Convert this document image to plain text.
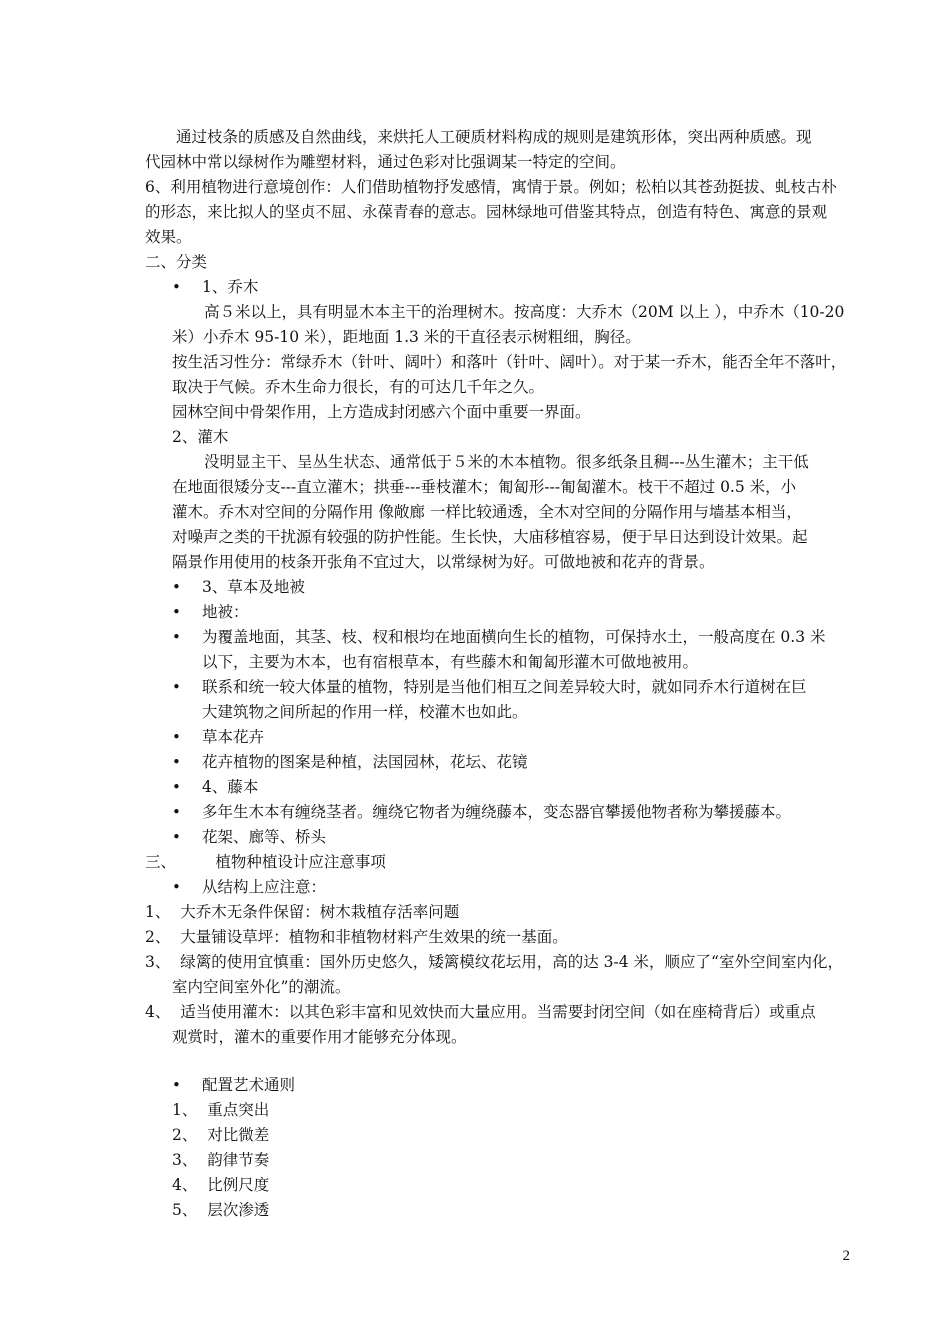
通过枝条的质感及自然曲线，来烘托人工硬质材料构成的规则是建筑形体，突出两种质感。现
代园林中常以绿树作为雕塑材料，通过色彩对比强调某一特定的空间。
6、利用植物进行意境创作：人们借助植物抒发感情，寓情于景。例如；松柏以其苍劲挺拔、虬枝古朴
的形态，来比拟人的坚贞不屈、永葆青春的意志。园林绿地可借鉴其特点，创造有特色、寓意的景观
效果。
二、分类
• 1、乔木
高５米以上，具有明显木本主干的治理树木。按高度：大乔木（20M 以上 ），中乔木（10-20
米）小乔木 95-10 米），距地面 1.3 米的干直径表示树粗细，胸径。
按生活习性分：常绿乔木（针叶、阔叶）和落叶（针叶、阔叶）。对于某一乔木，能否全年不落叶，
取决于气候。乔木生命力很长，有的可达几千年之久。
园林空间中骨架作用，上方造成封闭感六个面中重要一界面。
2、灌木
没明显主干、呈丛生状态、通常低于５米的木本植物。很多纸条且稠---丛生灌木；主干低
在地面很矮分支---直立灌木；拱垂---垂枝灌木；匍匐形---匍匐灌木。枝干不超过 0.5 米，小
灌木。乔木对空间的分隔作用 像敞廊 一样比较通透，全木对空间的分隔作用与墙基本相当，
对噪声之类的干扰源有较强的防护性能。生长快，大庙移植容易，便于早日达到设计效果。起
隔景作用使用的枝条开张角不宜过大，以常绿树为好。可做地被和花卉的背景。
• 3、草本及地被
• 地被：
• 为覆盖地面，其茎、枝、杈和根均在地面横向生长的植物，可保持水土，一般高度在 0.3 米
以下，主要为木本，也有宿根草本，有些藤木和匍匐形灌木可做地被用。
• 联系和统一较大体量的植物，特别是当他们相互之间差异较大时，就如同乔木行道树在巨
大建筑物之间所起的作用一样，校灌木也如此。
• 草本花卉
• 花卉植物的图案是种植，法国园林，花坛、花镜
• 4、藤本
• 多年生木本有缠绕茎者。缠绕它物者为缠绕藤本，变态器官攀援他物者称为攀援藤本。
• 花架、廊等、桥头
三、        植物种植设计应注意事项
• 从结构上应注意：
1、  大乔木无条件保留：树木栽植存活率问题
2、  大量铺设草坪：植物和非植物材料产生效果的统一基面。
3、  绿篱的使用宜慎重：国外历史悠久，矮篱模纹花坛用，高的达 3-4 米，顺应了“室外空间室内化，
室内空间室外化”的潮流。
4、  适当使用灌木：以其色彩丰富和见效快而大量应用。当需要封闭空间（如在座椅背后）或重点
观赏时，灌木的重要作用才能够充分体现。
• 配置艺术通则
1、  重点突出
2、  对比微差
3、  韵律节奏
4、  比例尺度
5、  层次渗透
2
